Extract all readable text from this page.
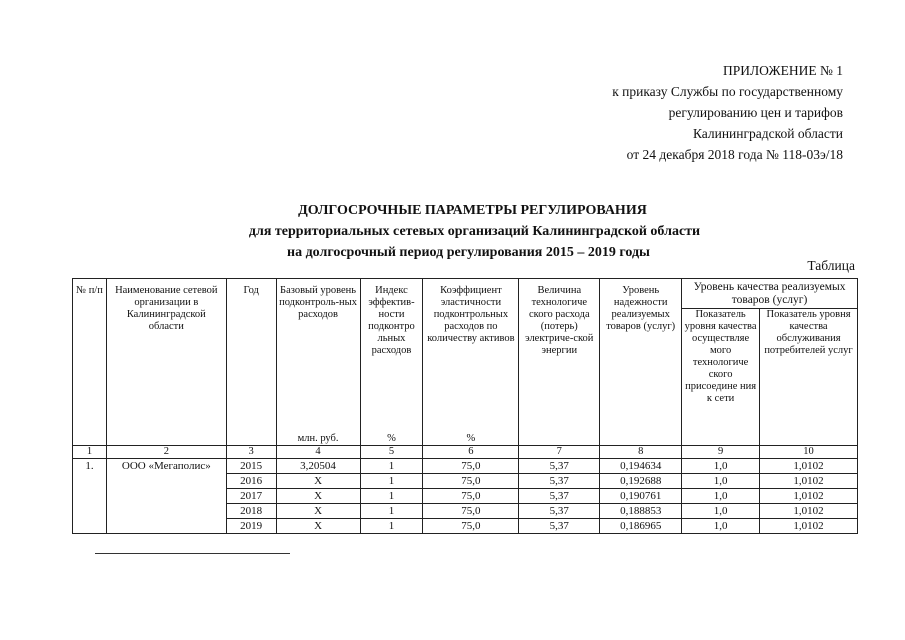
ПРИЛОЖЕНИЕ № 1
к приказу Службы по государственному
регулированию цен и тарифов
Калининградской области
от 24 декабря 2018 года № 118-03э/18
ДОЛГОСРОЧНЫЕ ПАРАМЕТРЫ РЕГУЛИРОВАНИЯ
для территориальных сетевых организаций Калининградской области
на долгосрочный период регулирования 2015 – 2019 годы
Таблица
№ п/п	Наименование сетевой организации в Калининградской области	Год	Базовый уровень подконтроль-ных расходов	Индекс эффектив-ности подконтро льных расходов	Коэффициент эластичности подконтрольных расходов по количеству активов	Величина технологиче ского расхода (потерь) электриче-ской энергии	Уровень надежности реализуемых товаров (услуг)	Уровень качества реализуемых товаров (услуг)	
								Показатель уровня качества осуществляе мого технологиче ского присоедине ния к сети	Показатель уровня качества обслуживания потребителей услуг
			млн. руб.	%	%				
1	2	3	4	5	6	7	8	9	10
1.	ООО «Мегаполис»	2015	3,20504	1	75,0	5,37	0,194634	1,0	1,0102
		2016	Х	1	75,0	5,37	0,192688	1,0	1,0102
		2017	Х	1	75,0	5,37	0,190761	1,0	1,0102
		2018	Х	1	75,0	5,37	0,188853	1,0	1,0102
		2019	Х	1	75,0	5,37	0,186965	1,0	1,0102
